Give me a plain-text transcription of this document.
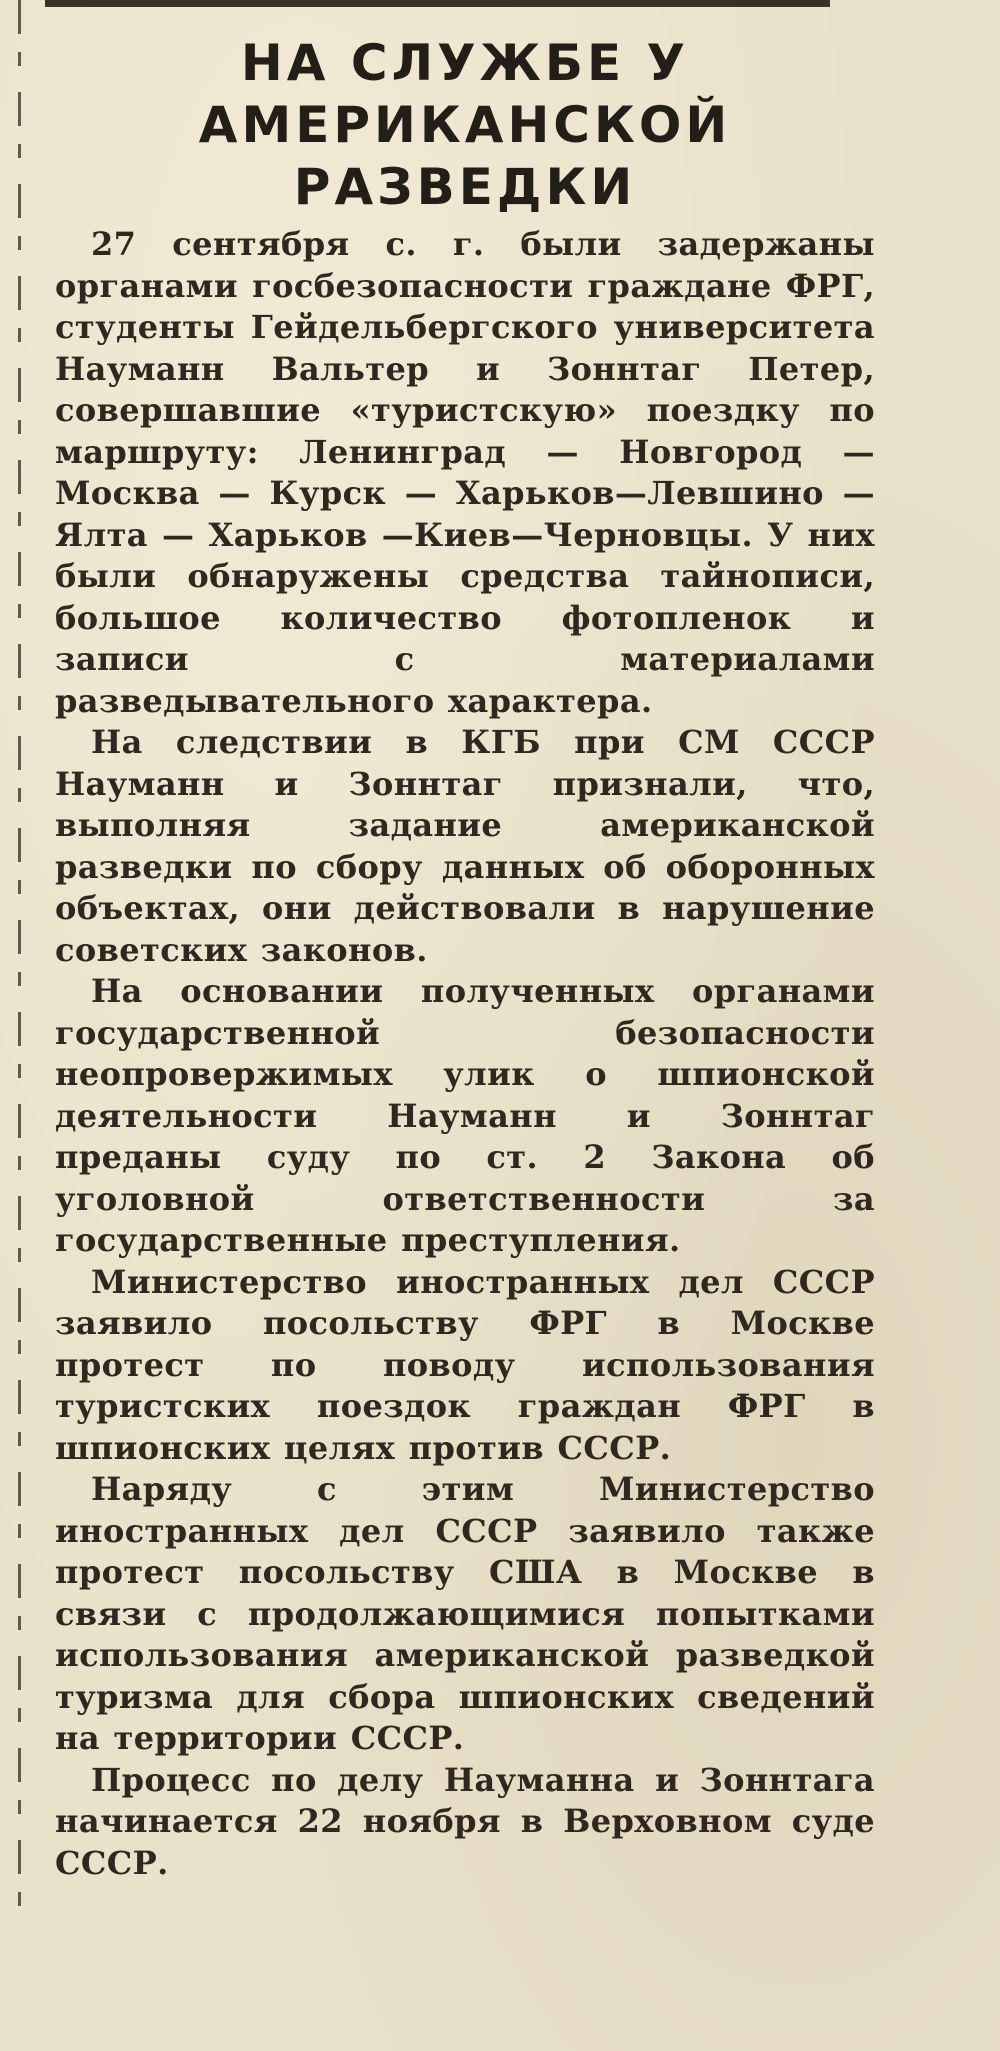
НА СЛУЖБЕ У
АМЕРИКАНСКОЙ РАЗВЕДКИ

27 сентября с. г. были задержаны органами госбезопасности граждане ФРГ, студенты Гейдельбергского университета Науманн Вальтер и Зоннтаг Петер, совершавшие «туристскую» поездку по маршруту: Ленинград — Новгород — Москва — Курск — Харьков—Левшино — Ялта — Харьков —Киев—Черновцы. У них были обнаружены средства тайнописи, большое количество фотопленок и записи с материалами разведывательного характера.

На следствии в КГБ при СМ СССР Науманн и Зоннтаг признали, что, выполняя задание американской разведки по сбору данных об оборонных объектах, они действовали в нарушение советских законов.

На основании полученных органами государственной безопасности неопровержимых улик о шпионской деятельности Науманн и Зоннтаг преданы суду по ст. 2 Закона об уголовной ответственности за государственные преступления.

Министерство иностранных дел СССР заявило посольству ФРГ в Москве протест по поводу использования туристских поездок граждан ФРГ в шпионских целях против СССР.

Наряду с этим Министерство иностранных дел СССР заявило также протест посольству США в Москве в связи с продолжающимися попытками использования американской разведкой туризма для сбора шпионских сведений на территории СССР.

Процесс по делу Науманна и Зоннтага начинается 22 ноября в Верховном суде СССР.
